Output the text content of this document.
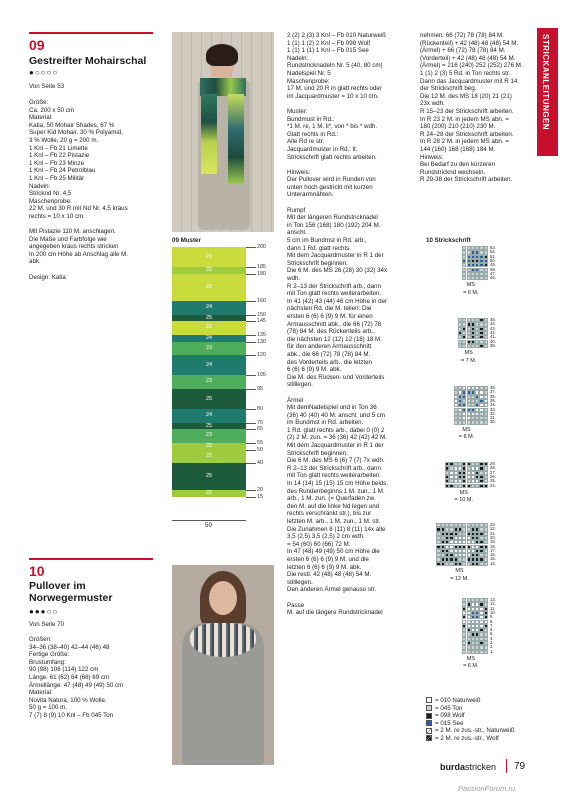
STRICKANLEITUNGEN
09
Gestreifter Mohairschal
●○○○○
Von Seite 53
Größe:
Ca. 200 x 50 cm
Material:
Katia, 50 Mohair Shades, 67 %
Super Kid Mohair, 30 % Polyamid,
3 % Wolle, 20 g = 200 m.
1 Knl – Fb 21 Limette
1 Knl – Fb 22 Pistazie
1 Knl – Fb 23 Minze
1 Knl – Fb 24 Petrolblau
1 Knl – Fb 25 Militär
Nadeln:
Stricknd Nr. 4,5
Maschenprobe:
22 M. und 30 R mit Nd Nr. 4,5 kraus
rechts = 10 x 10 cm.

Mit Pistazie 110 M. anschlagen.
Die Maße und Farbfolge wie
angegeben kraus rechts stricken
In 200 cm Höhe ab Anschlag alle M.
abk.

Design: Katia
09 Muster
21
22
21
24
25
21
24
23
24
23
25
24
25
23
22
22
25
22
200
185
180
160
150
145
135
130
120
105
95
80
70
65
55
50
40
20
15
50
10
Pullover im
Norwegermuster
●●●○○
Von Seite 70
Größen:
34–36 (38–40) 42–44 (46) 48
Fertige Größe:
Brustumfang:
90 (98) 106 (114) 122 cm
Länge: 61 (62) 64 (66) 69 cm
Ärmellänge: 47 (48) 49 (49) 50 cm
Material:
Novita Natura, 100 % Wolle.
50 g = 100 m.
7 (7) 8 (9) 10 Knl – Fb 045 Ton
2 (2) 2 (3) 3 Knl – Fb 010 Naturweiß
1 (1) 1 (2) 2 Knl – Fb 098 Wolf
1 (1) 1 (1) 1 Knl – Fb 015 See
Nadeln:
Rundstricknadeln Nr. 5 (40, 80 cm)
Nadelspiel Nr. 5
Maschenprobe:
17 M. und 20 R in glatt rechts oder
im Jacquardmuster = 10 x 10 cm.

Muster:
Bundmust in Rd.:
*1 M. re, 1 M. li*, von * bis * wdh.
Glatt rechts in Rd.:
Alle Rd re str.
Jacquardmuster in Rd.: lt.
Strickschrift glatt rechts arbeiten.

Hinweis:
Der Pullover wird in Runden von
unten hoch gestrickt mit kurzen
Unterarmnähten.

Rumpf
Mit der längeren Rundstricknadel
in Ton 156 (168) 180 (192) 204 M.
anschl.
5 cm im Bundmst in Rd. arb.,
dann 1 Rd. glatt rechts.
Mit dem Jacquardmuster in R 1 der
Strickschrift beginnen.
Die 6 M. des MS 26 (28) 30 (32) 34x
wdh.
R 2–13 der Strickschrift arb., dann
mit Ton glatt rechts weiterarbeiten.
In 41 (42) 43 (44) 46 cm Höhe in der
nächsten Rd. die M. teilen: Die
ersten 6 (6) 6 (9) 9 M. für einen
Armausschnitt abk., die 66 (72) 78
(78) 84 M. des Rückenteils arb.,
die nächsten 12 (12) 12 (18) 18 M.
für den anderen Armausschnitt
abk., die 66 (72) 78 (78) 84 M.
des Vorderteils arb., die letzten
6 (6) 6 (9) 9 M. abk.
Die M. des Rücken- und Vorderteils
stilllegen.

Ärmel
Mit demNadelspiel und in Ton 36
(36) 40 (40) 40 M. anschl. und 5 cm
im Bundmst in Rd. arbeiten.
1 Rd. glatt rechts arb., dabei 0 (0) 2
(2) 2 M. zun. = 36 (36) 42 (42) 42 M.
Mit dem Jacquardmuster in R 1 der
Strickschrift beginnen.
Die 6 M. des MS 6 (6) 7 (7) 7x wdh.
R 2–13 der Strickschrift arb., dann
mit Ton glatt rechts weiterarbeiten.
In 14 (14) 15 (15) 15 cm Höhe beids.
des Rundenbeginns 1 M. zun.: 1 M.
arb., 1 M. zun. (= Querfaden zw.
den M. auf die linke Nd legen und
rechts verschränkt str.), bis zur
letzten M. arb., 1 M. zun., 1 M. str.
Die Zunahmen 8 (11) 8 (11) 14x alle
3,5 (2,5) 3,5 (2,5) 2 cm wdh.
= 54 (60) 60 (66) 72 M.
In 47 (48) 49 (49) 50 cm Höhe die
ersten 6 (6) 6 (9) 9 M. und die
letzten 6 (6) 6 (9) 9 M. abk.
Die restl. 42 (48) 48 (48) 54 M.
stilllegen.
Den anderen Ärmel genauso str.

Passe
M. auf die längere Rundstricknadel
nehmen: 66 (72) 78 (78) 84 M.
(Rückenteil) + 42 (48) 48 (48) 54 M.
(Ärmel) + 66 (72) 78 (78) 84 M.
(Vorderteil) + 42 (48) 48 (48) 54 M.
(Ärmel) = 216 (240) 252 (252) 276 M.
1 (1) 2 (3) 5 Rd. in Ton rechts str.
Dann das Jacquardmuster mit R 14
der Strickschrift beg.
Die 12 M. des MS 18 (20) 21 (21)
23x wdh.
R 15–23 der Strickschrift arbeiten.
In R 23 2 M. in jedem MS abn. =
180 (200) 210 (210) 230 M.
R 24–28 der Strickschrift arbeiten.
In R 28 2 M. in jedem MS abn. =
144 (160) 168 (168) 184 M.
Hinweis:
Bei Bedarf zu den kürzeren
Rundstricknd wechseln.
R 29-38 der Strickschrift arbeiten.
10 Strickschrift
53.
52.
51.
50.
49.
48.
47.
46.
MS
= 6 M.
45.
44.
43.
42.
41.
40.
39.
MS
= 7 M.
38.
37.
36.
35.
34.
33.
32.
31.
30.
MS
= 8 M.
29.
28.
27.
26.
25.
24.
MS
= 10 M.
23.
22.
21.
20.
19.
18.
17.
16.
15.
14.
MS
= 12 M.
13.
12.
11.
10.
9.
8.
7.
6.
5.
4.
3.
2.
1.
MS
= 6 M.
= 010 Naturweiß
= 045 Ton
= 098 Wolf
= 015 See
= 2 M. re zus.-str., Naturweiß
= 2 M. re zus.-str., Wolf
burdastricken 79
PassionForum.ru
